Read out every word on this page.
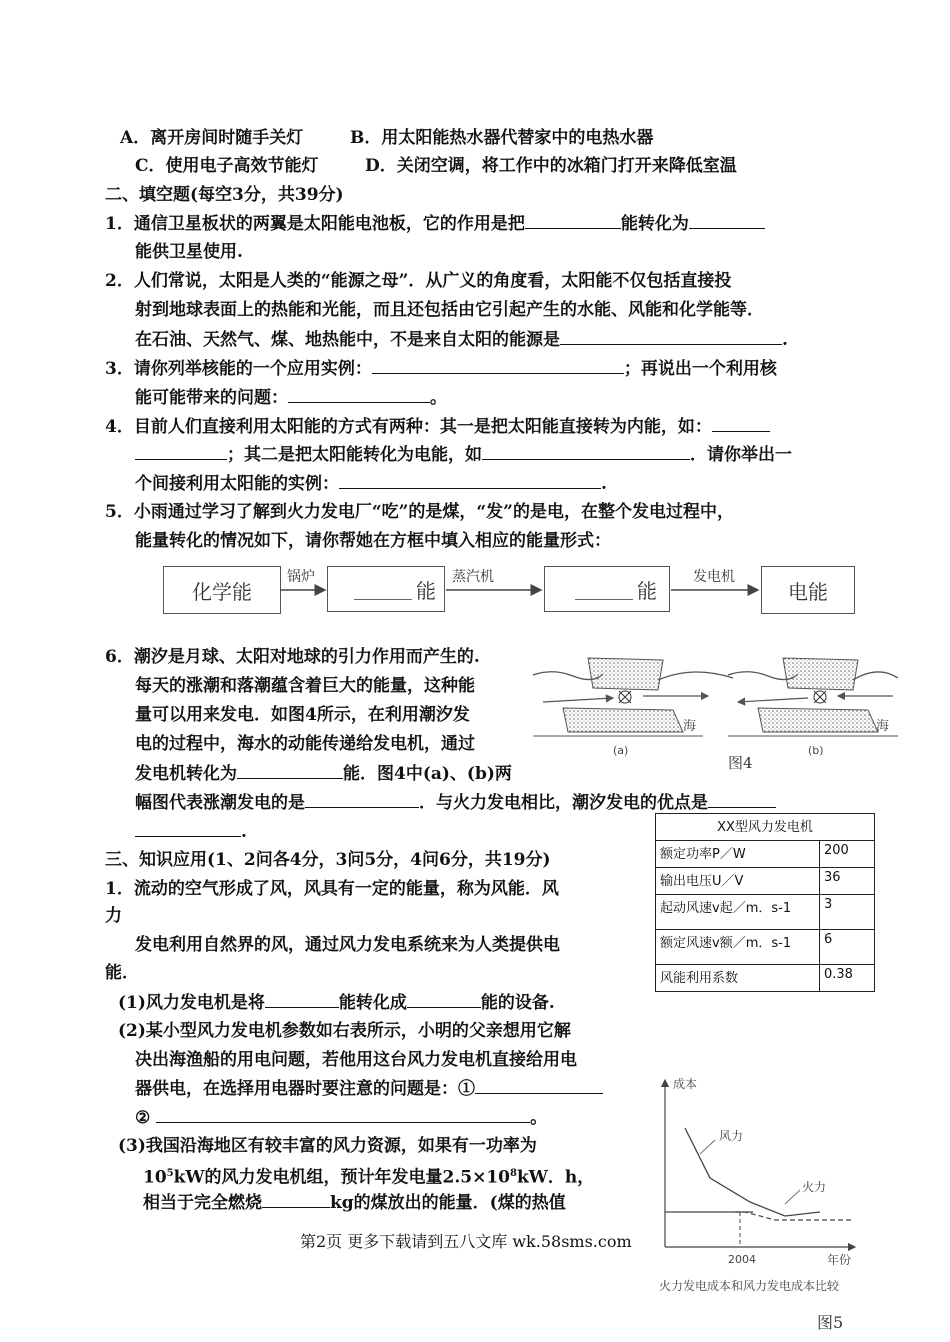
A．离开房间时随手关灯	B．用太阳能热水器代替家中的电热水器
C．使用电子高效节能灯	D．关闭空调，将工作中的冰箱门打开来降低室温
二、填空题(每空3分，共39分)
1．通信卫星板状的两翼是太阳能电池板，它的作用是把	能转化为
能供卫星使用.
2．人们常说，太阳是人类的“能源之母”．从广义的角度看，太阳能不仅包括直接投
射到地球表面上的热能和光能，而且还包括由它引起产生的水能、风能和化学能等．
在石油、天然气、煤、地热能中，不是来自太阳的能源是	.
3．请你列举核能的一个应用实例：	；再说出一个利用核
能可能带来的问题：	。
4．目前人们直接利用太阳能的方式有两种：其一是把太阳能直接转为内能，如：
；其二是把太阳能转化为电能，如	．请你举出一
个间接利用太阳能的实例：	.
5．小雨通过学习了解到火力发电厂“吃”的是煤，“发”的是电，在整个发电过程中，
能量转化的情况如下，请你帮她在方框中填入相应的能量形式：
化学能
锅炉
能
蒸汽机
能
发电机
电能
6．潮汐是月球、太阳对地球的引力作用而产生的.
每天的涨潮和落潮蕴含着巨大的能量，这种能
量可以用来发电．如图4所示，在利用潮汐发
电的过程中，海水的动能传递给发电机，通过
发电机转化为	能．图4中(a)、(b)两
幅图代表涨潮发电的是	．与火力发电相比，潮汐发电的优点是
.
海
(a)
海
(b)
图4
三、知识应用(1、2问各4分，3问5分，4问6分，共19分)
1．流动的空气形成了风，风具有一定的能量，称为风能．风
力
发电利用自然界的风，通过风力发电系统来为人类提供电
能．
(1)风力发电机是将	能转化成	能的设备.
(2)某小型风力发电机参数如右表所示，小明的父亲想用它解
决出海渔船的用电问题，若他用这台风力发电机直接给用电
器供电，在选择用电器时要注意的问题是：①
②	。
(3)我国沿海地区有较丰富的风力资源，如果有一功率为
$10^5kW$的风力发电机组，预计年发电量$2.5\times 10^8kW$．h，
相当于完全燃烧	kg的煤放出的能量．(煤的热值
XX型风力发电机	
额定功率P／W	200
输出电压U／V	36
起动风速v起／m．s-1	3
额定风速v额／m．s-1	6
风能利用系数	0.38
成本
年份
风力
火力
2004
火力发电成本和风力发电成本比较
图5
第2页 更多下载请到五八文库 wk.58sms.com
